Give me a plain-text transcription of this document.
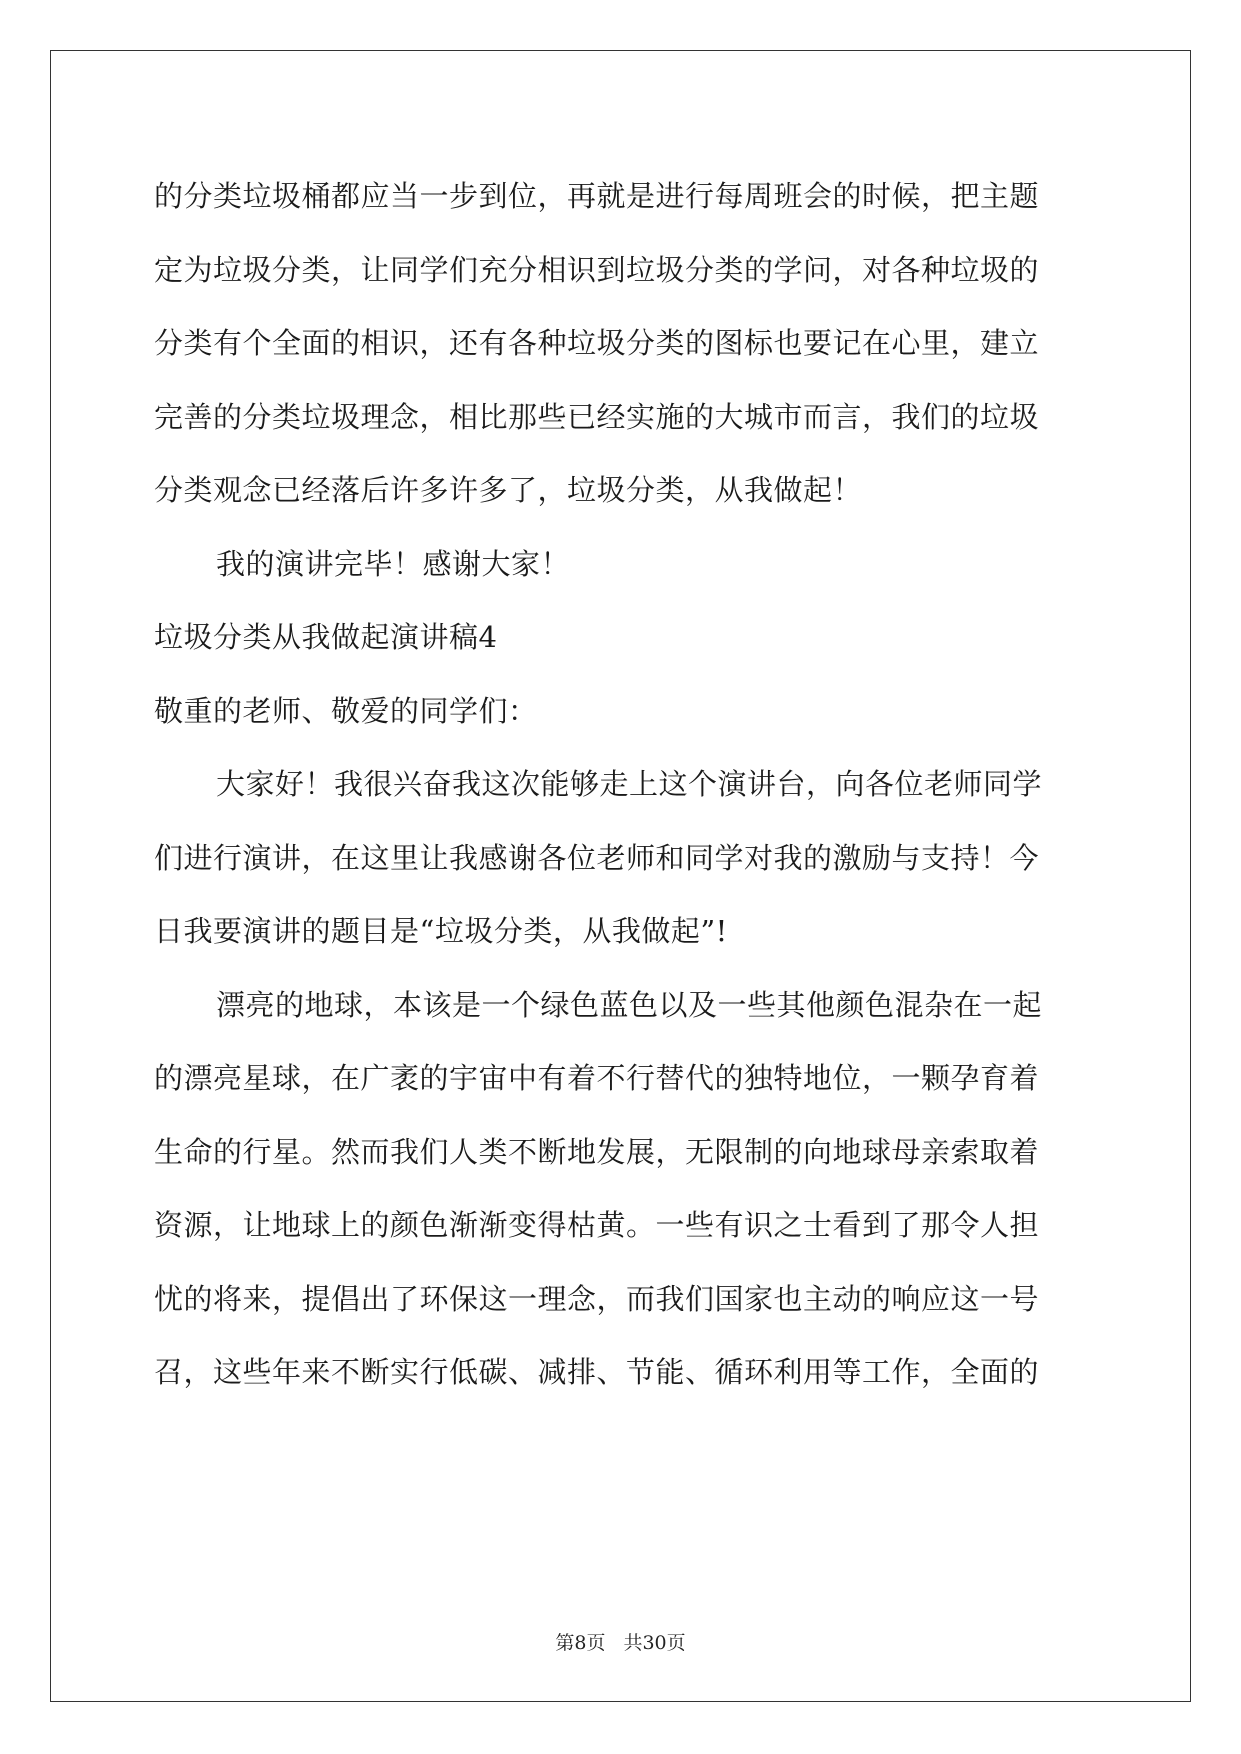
的分类垃圾桶都应当一步到位，再就是进行每周班会的时候，把主题
定为垃圾分类，让同学们充分相识到垃圾分类的学问，对各种垃圾的
分类有个全面的相识，还有各种垃圾分类的图标也要记在心里，建立
完善的分类垃圾理念，相比那些已经实施的大城市而言，我们的垃圾
分类观念已经落后许多许多了，垃圾分类，从我做起！
我的演讲完毕！感谢大家！
垃圾分类从我做起演讲稿4
敬重的老师、敬爱的同学们：
大家好！我很兴奋我这次能够走上这个演讲台，向各位老师同学
们进行演讲，在这里让我感谢各位老师和同学对我的激励与支持！今
日我要演讲的题目是“垃圾分类，从我做起”!
漂亮的地球，本该是一个绿色蓝色以及一些其他颜色混杂在一起
的漂亮星球，在广袤的宇宙中有着不行替代的独特地位，一颗孕育着
生命的行星。然而我们人类不断地发展，无限制的向地球母亲索取着
资源，让地球上的颜色渐渐变得枯黄。一些有识之士看到了那令人担
忧的将来，提倡出了环保这一理念，而我们国家也主动的响应这一号
召，这些年来不断实行低碳、减排、节能、循环利用等工作，全面的
第8页 共30页
